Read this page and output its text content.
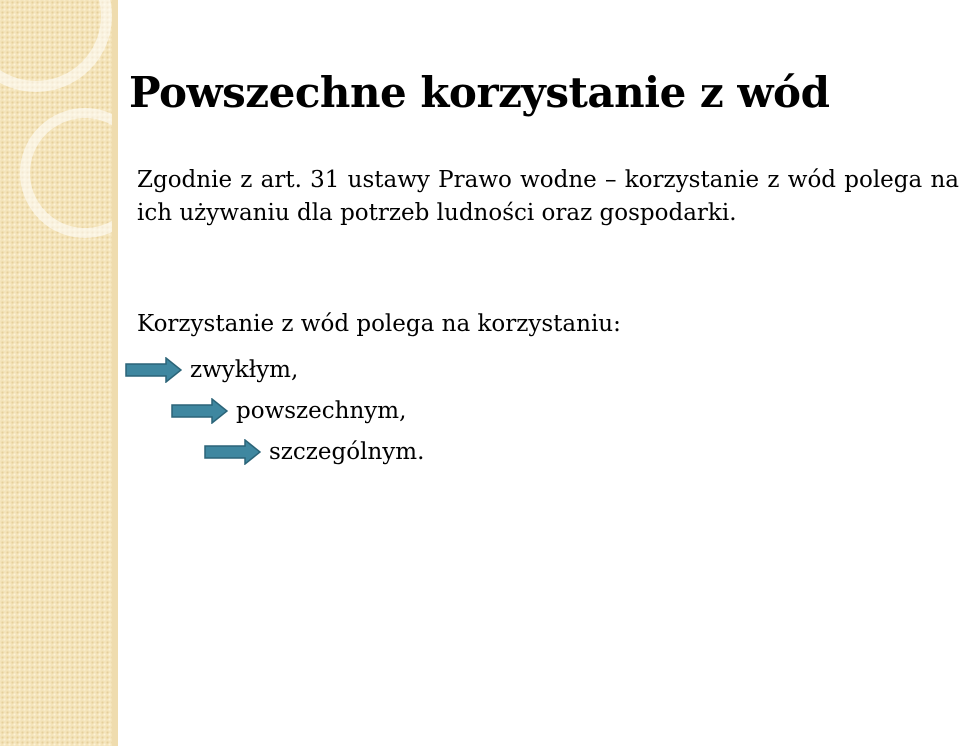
Powszechne korzystanie z wód

Zgodnie z art. 31 ustawy Prawo wodne – korzystanie z wód polega na ich używaniu dla potrzeb ludności oraz gospodarki.

Korzystanie z wód polega na korzystaniu:

zwykłym,
powszechnym,
szczególnym.
